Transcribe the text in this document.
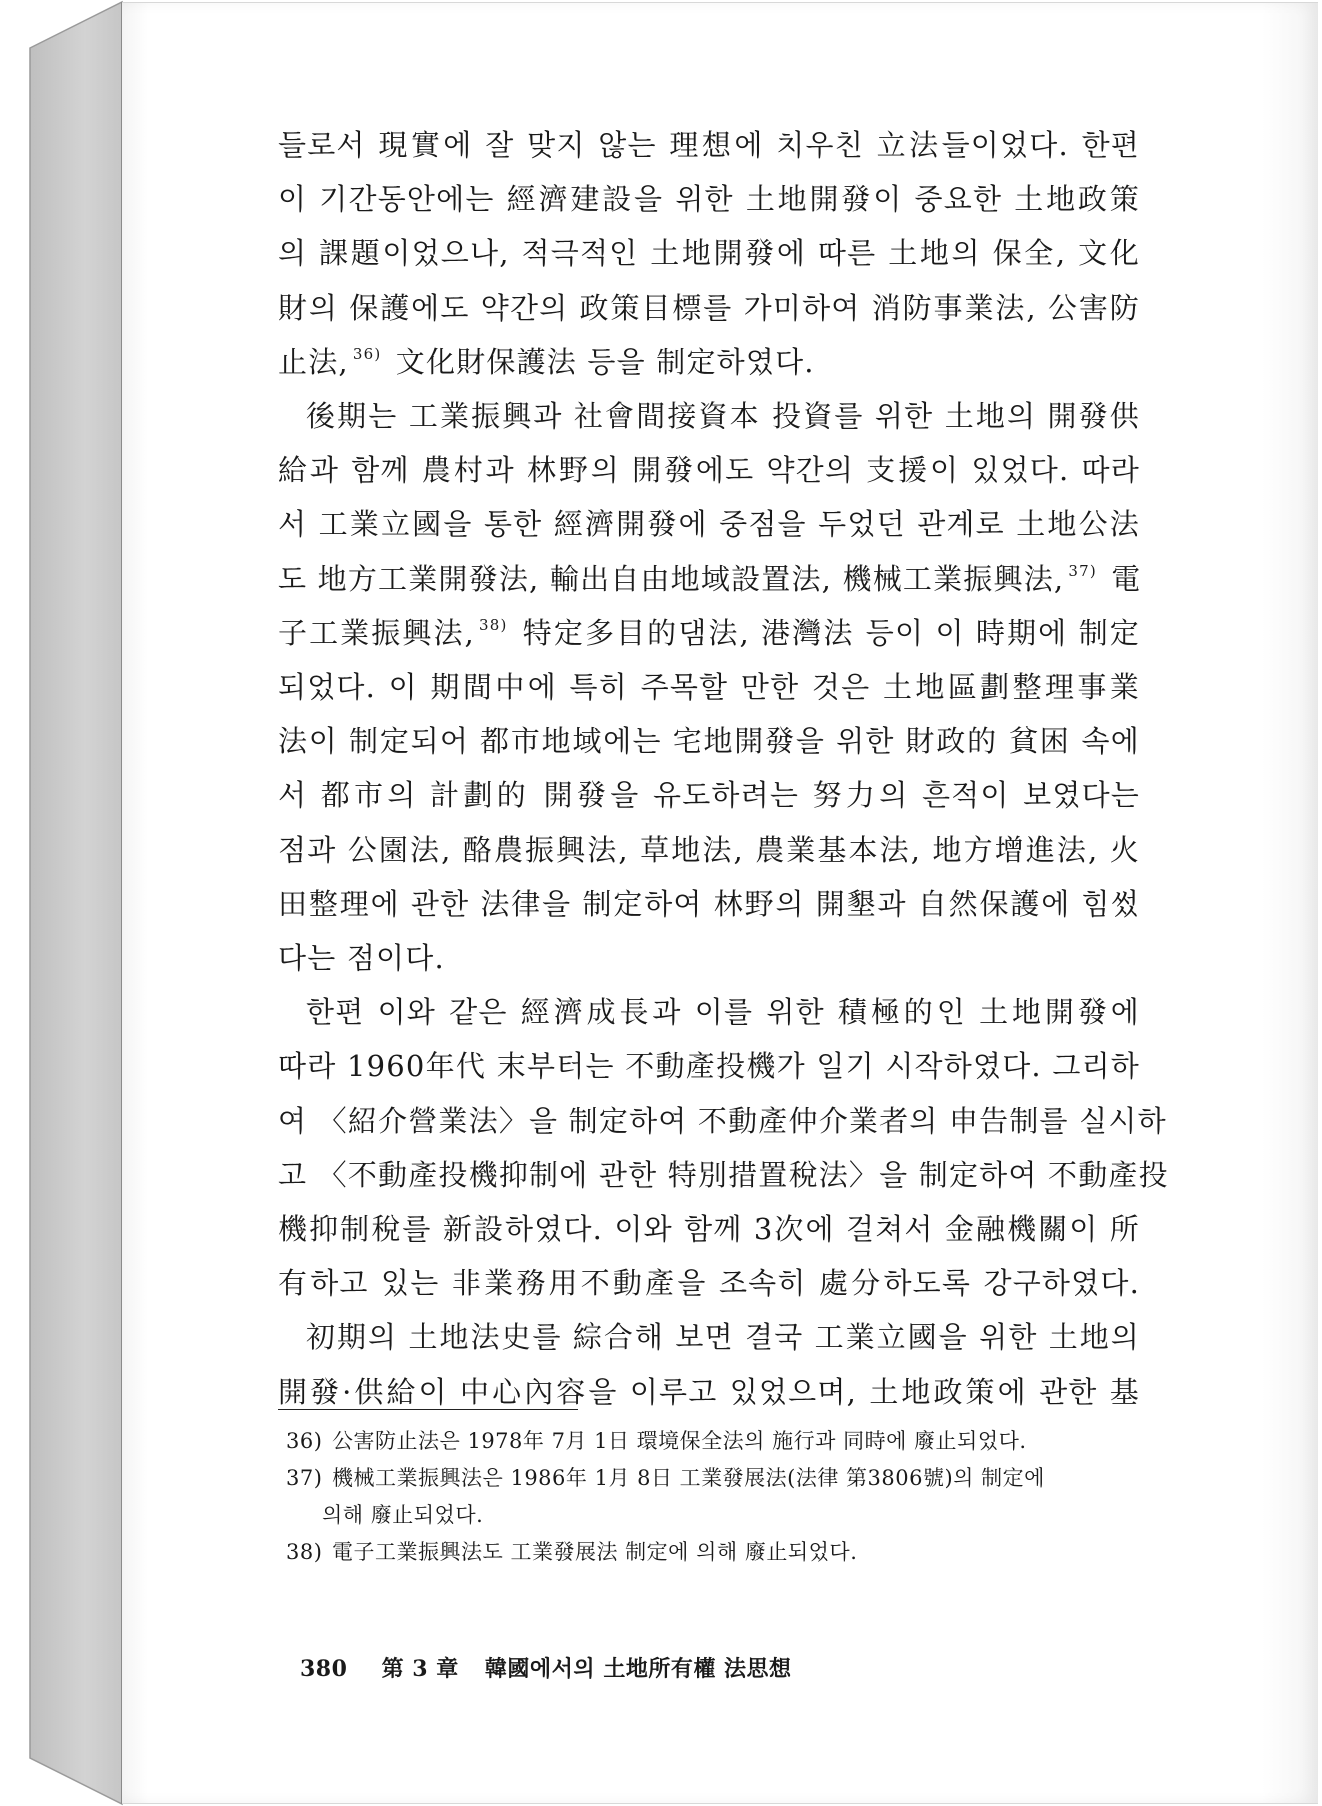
들로서 現實에 잘 맞지 않는 理想에 치우친 立法들이었다. 한편
이 기간동안에는 經濟建設을 위한 土地開發이 중요한 土地政策
의 課題이었으나, 적극적인 土地開發에 따른 土地의 保全, 文化
財의 保護에도 약간의 政策目標를 가미하여 消防事業法, 公害防
止法, $^{36)}$ 文化財保護法 등을 制定하였다.
後期는 工業振興과 社會間接資本 投資를 위한 土地의 開發供
給과 함께 農村과 林野의 開發에도 약간의 支援이 있었다. 따라
서 工業立國을 통한 經濟開發에 중점을 두었던 관계로 土地公法
도 地方工業開發法, 輸出自由地域設置法, 機械工業振興法, $^{37)}$ 電
子工業振興法, $^{38)}$ 特定多目的댐法, 港灣法 등이 이 時期에 制定
되었다. 이 期間中에 특히 주목할 만한 것은 土地區劃整理事業
法이 制定되어 都市地域에는 宅地開發을 위한 財政的 貧困 속에
서 都市의 計劃的 開發을 유도하려는 努力의 흔적이 보였다는
점과 公園法, 酪農振興法, 草地法, 農業基本法, 地方增進法, 火
田整理에 관한 法律을 制定하여 林野의 開墾과 自然保護에 힘썼
다는 점이다.
한편 이와 같은 經濟成長과 이를 위한 積極的인 土地開發에
따라 1960年代 末부터는 不動產投機가 일기 시작하였다. 그리하
여 〈紹介營業法〉을 制定하여 不動產仲介業者의 申告制를 실시하
고 〈不動產投機抑制에 관한 特別措置稅法〉을 制定하여 不動產投
機抑制稅를 新設하였다. 이와 함께 3次에 걸쳐서 金融機關이 所
有하고 있는 非業務用不動產을 조속히 處分하도록 강구하였다.
初期의 土地法史를 綜合해 보면 결국 工業立國을 위한 土地의
開發·供給이 中心內容을 이루고 있었으며, 土地政策에 관한 基

36) 公害防止法은 1978年 7月 1日 環境保全法의 施行과 同時에 廢止되었다.
37) 機械工業振興法은 1986年 1月 8日 工業發展法(法律 第3806號)의 制定에
의해 廢止되었다.
38) 電子工業振興法도 工業發展法 制定에 의해 廢止되었다.
380 第 3 章 韓國에서의 土地所有權 法思想
